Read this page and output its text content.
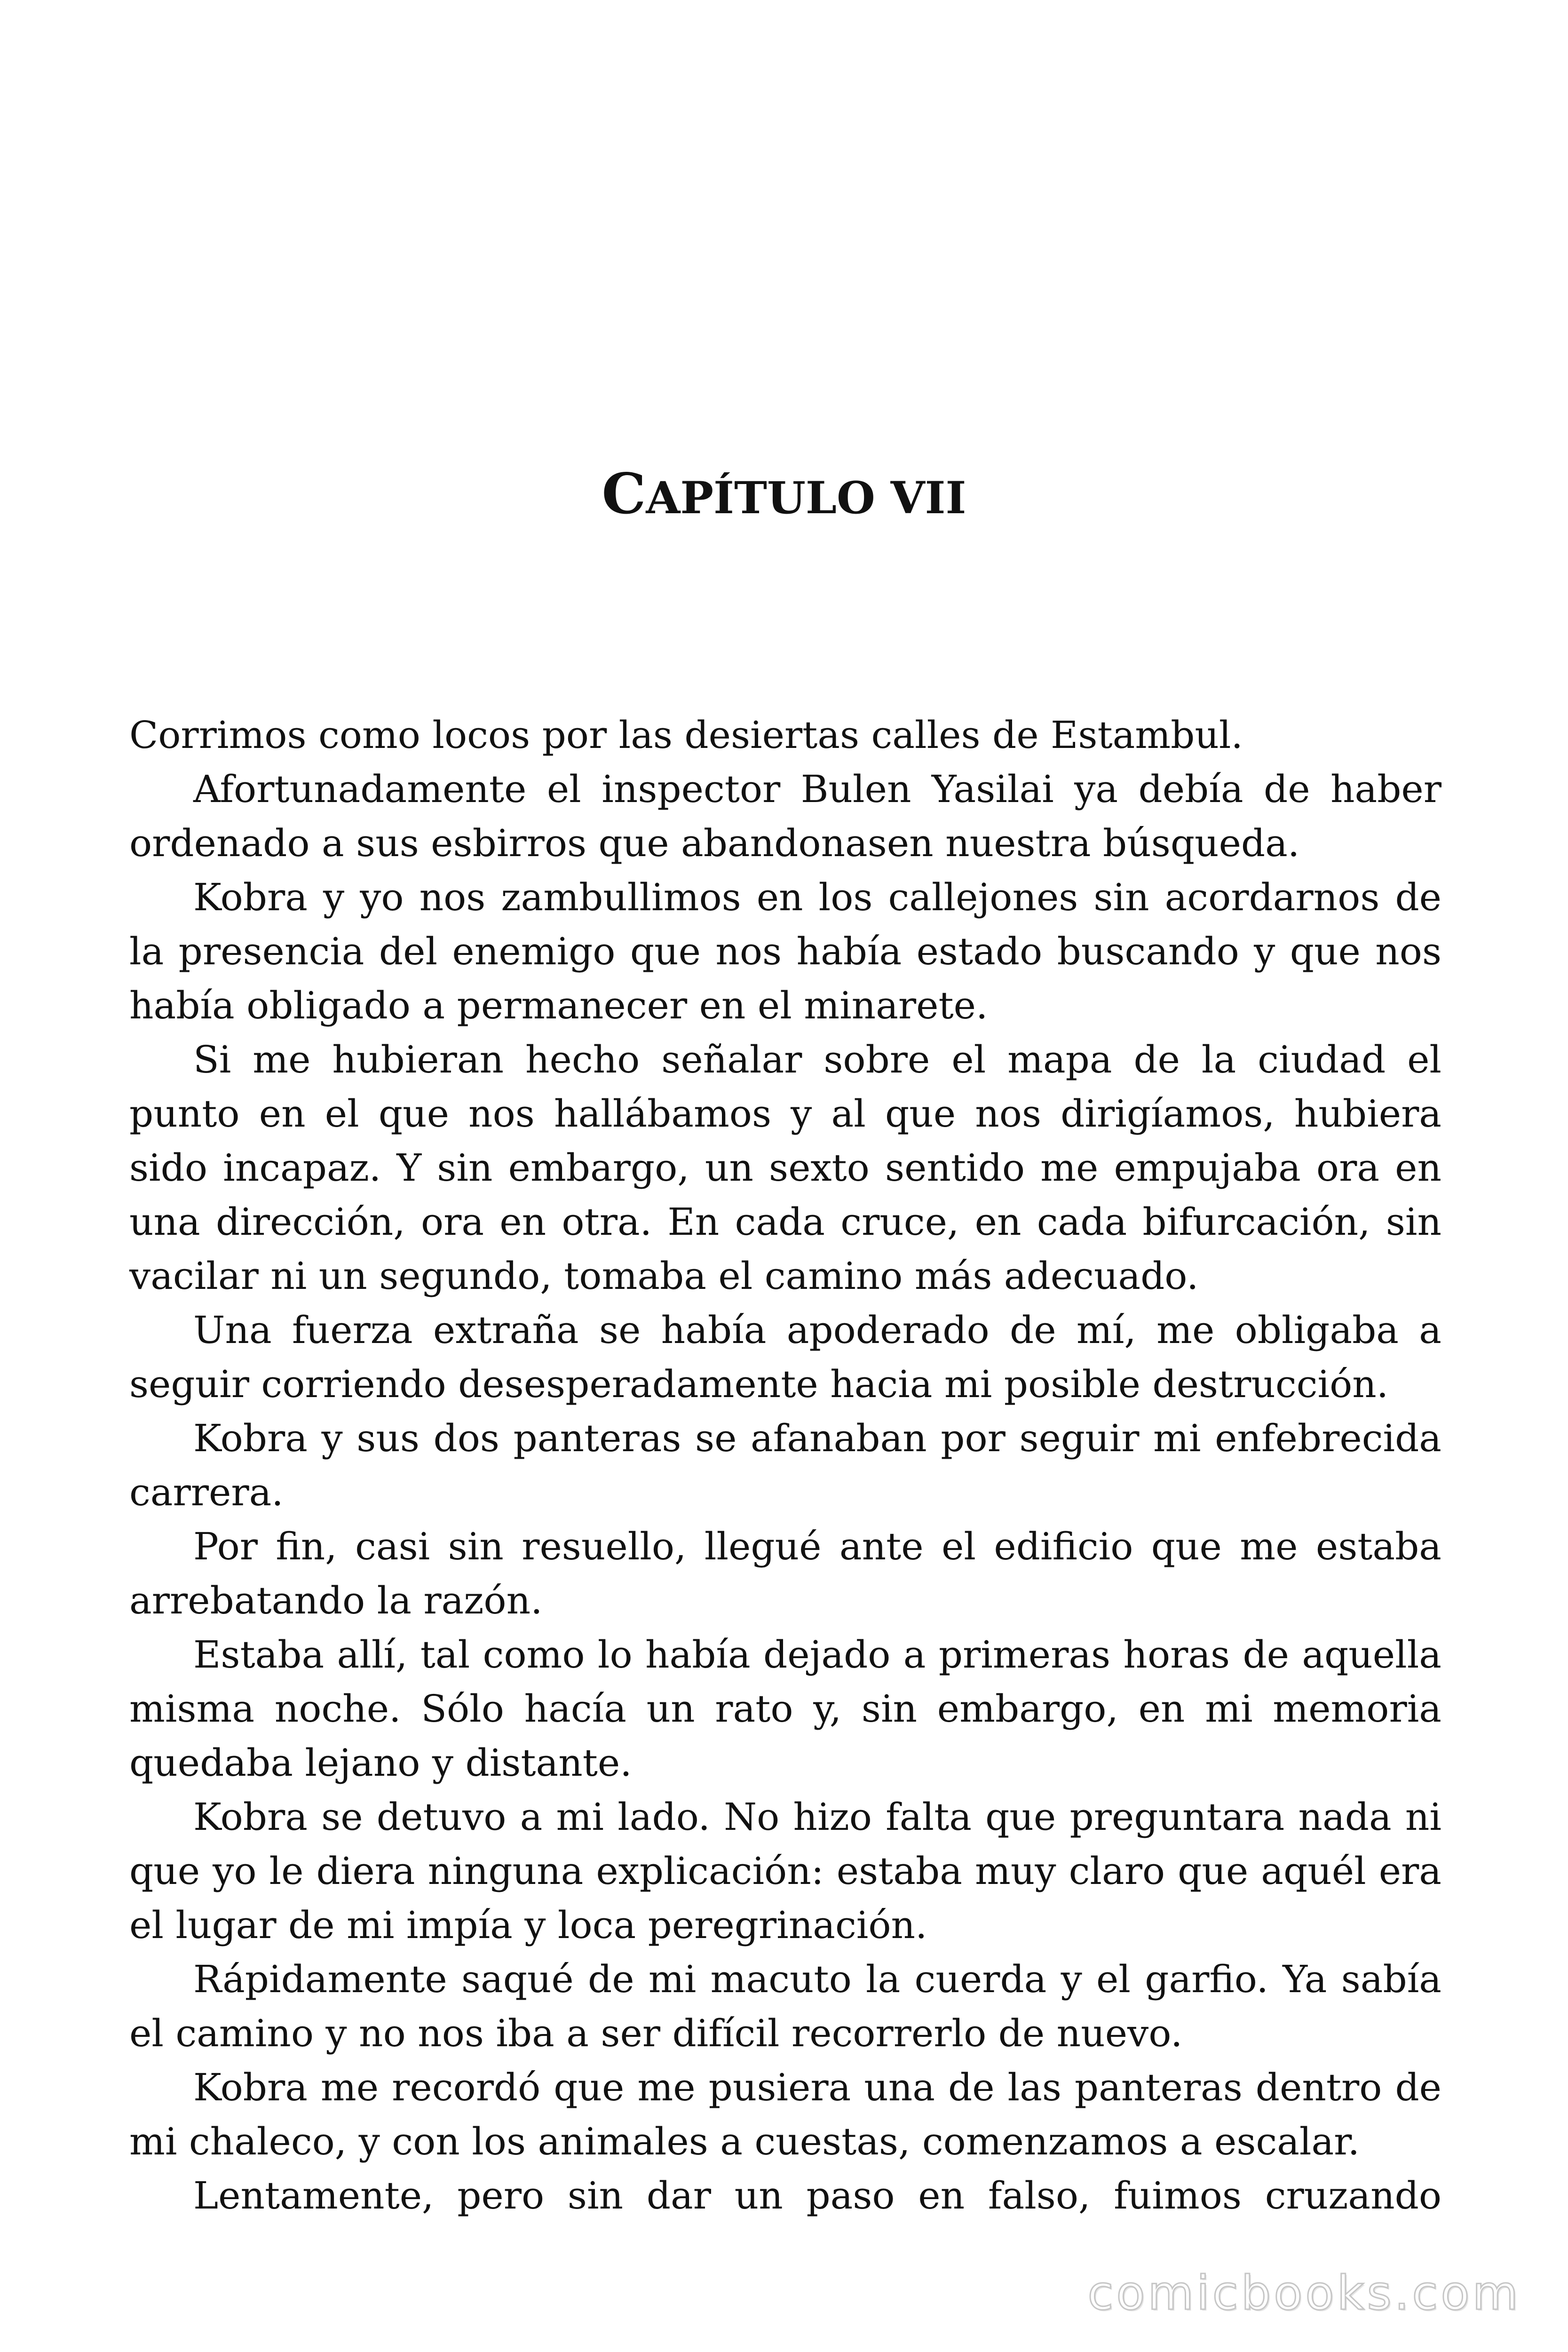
CAPÍTULO VII

Corrimos como locos por las desiertas calles de Estambul.

Afortunadamente el inspector Bulen Yasilai ya debía de haber ordenado a sus esbirros que abandonasen nuestra búsqueda.

Kobra y yo nos zambullimos en los callejones sin acordarnos de la presencia del enemigo que nos había estado buscando y que nos había obligado a permanecer en el minarete.

Si me hubieran hecho señalar sobre el mapa de la ciudad el punto en el que nos hallábamos y al que nos dirigíamos, hubiera sido incapaz. Y sin embargo, un sexto sentido me empujaba ora en una dirección, ora en otra. En cada cruce, en cada bifurcación, sin vacilar ni un segundo, tomaba el camino más adecuado.

Una fuerza extraña se había apoderado de mí, me obligaba a seguir corriendo desesperadamente hacia mi posible destrucción.

Kobra y sus dos panteras se afanaban por seguir mi enfebrecida carrera.

Por fin, casi sin resuello, llegué ante el edificio que me estaba arrebatando la razón.

Estaba allí, tal como lo había dejado a primeras horas de aquella misma noche. Sólo hacía un rato y, sin embargo, en mi memoria quedaba lejano y distante.

Kobra se detuvo a mi lado. No hizo falta que preguntara nada ni que yo le diera ninguna explicación: estaba muy claro que aquél era el lugar de mi impía y loca peregrinación.

Rápidamente saqué de mi macuto la cuerda y el garfio. Ya sabía el camino y no nos iba a ser difícil recorrerlo de nuevo.

Kobra me recordó que me pusiera una de las panteras dentro de mi chaleco, y con los animales a cuestas, comenzamos a escalar.

Lentamente, pero sin dar un paso en falso, fuimos cruzando

comicbooks.com
